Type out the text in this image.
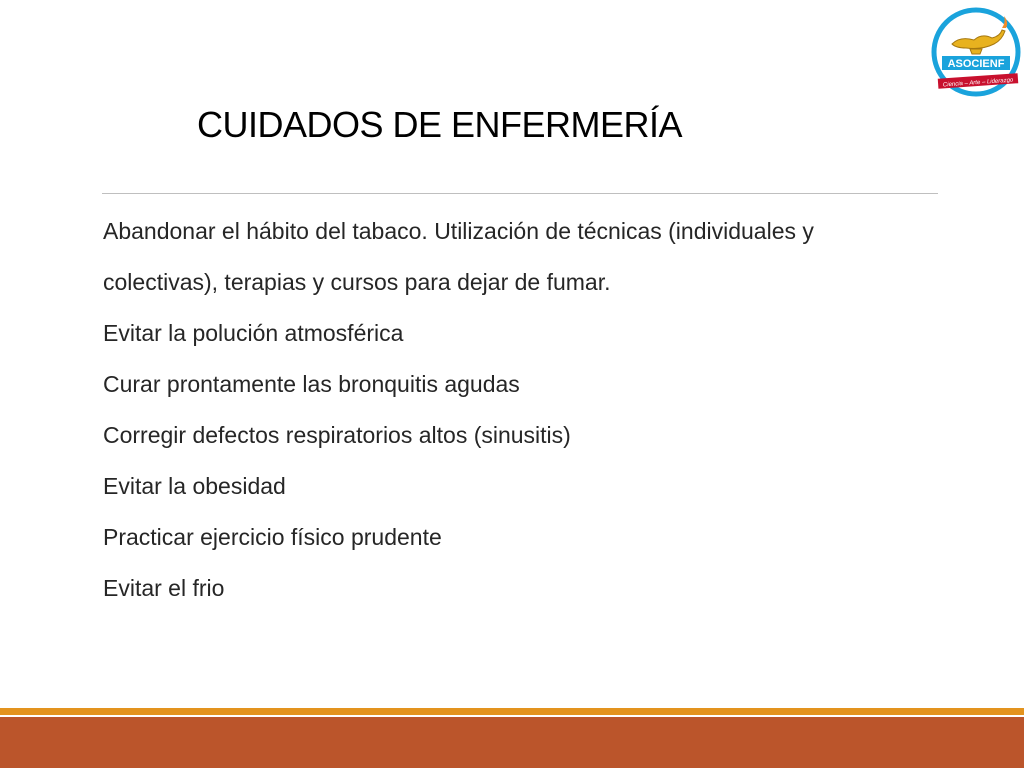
ASOCIENF
Ciencia – Arte – Liderazgo
CUIDADOS DE ENFERMERÍA
Abandonar el hábito del tabaco. Utilización de técnicas (individuales y colectivas), terapias y cursos para dejar de fumar.
Evitar la polución atmosférica
Curar prontamente las bronquitis agudas
Corregir defectos respiratorios altos (sinusitis)
Evitar la obesidad
Practicar ejercicio físico prudente
Evitar el frio
